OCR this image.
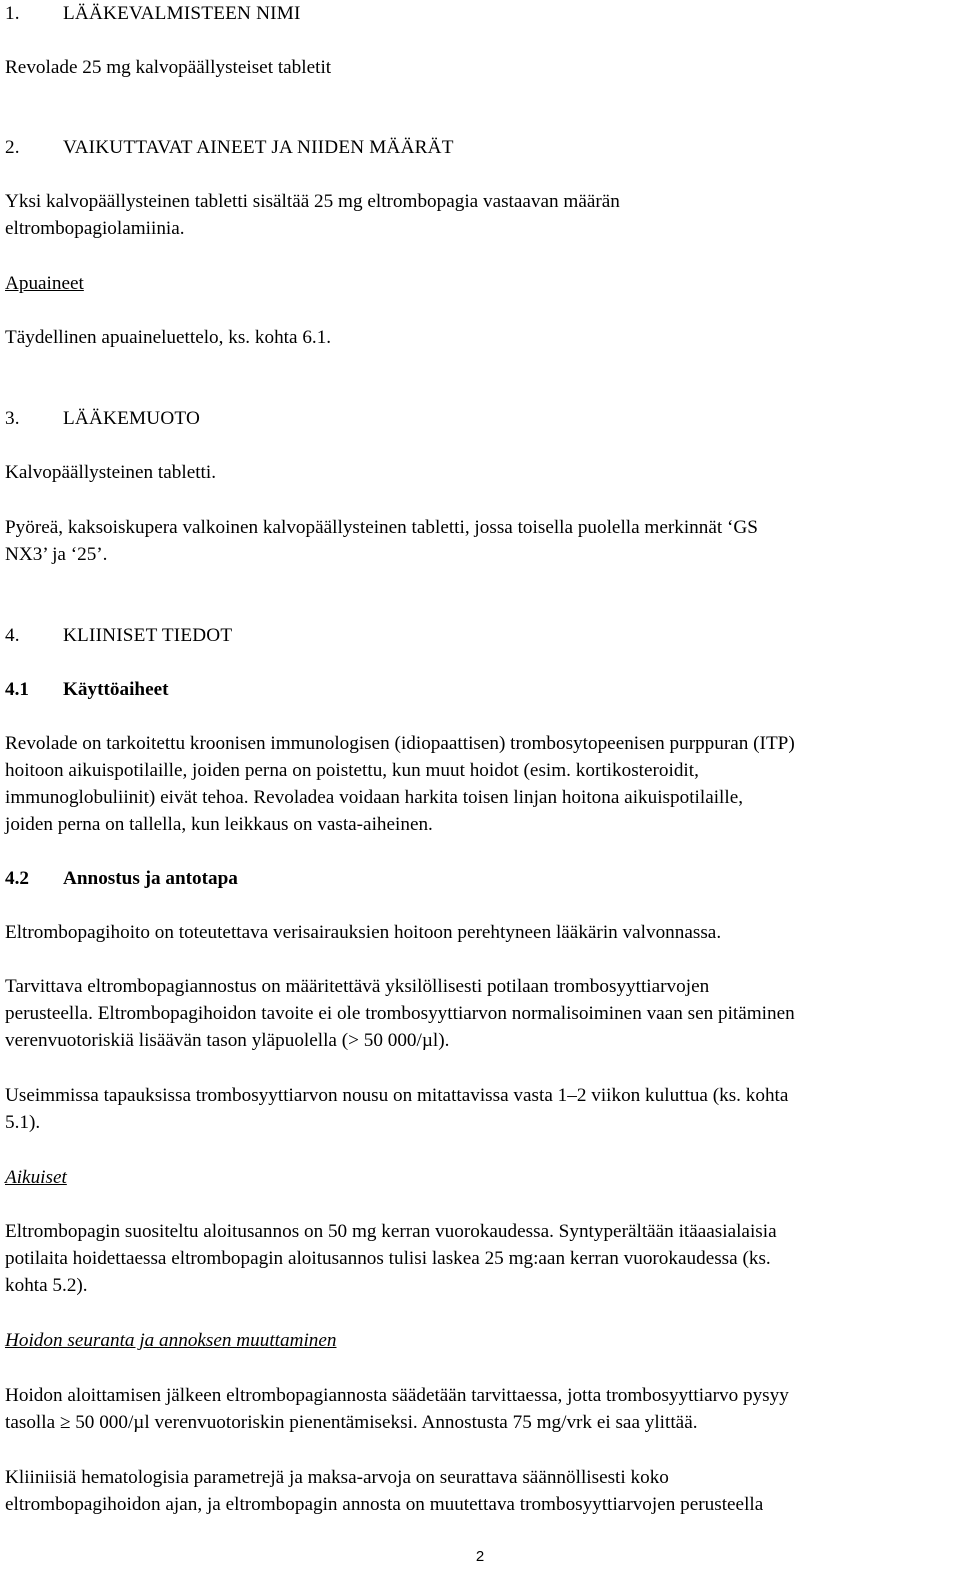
1. LÄÄKEVALMISTEEN NIMI
Revolade 25 mg kalvopäällysteiset tabletit
2. VAIKUTTAVAT AINEET JA NIIDEN MÄÄRÄT
Yksi kalvopäällysteinen tabletti sisältää 25 mg eltrombopagia vastaavan määrän
eltrombopagiolamiinia.
Apuaineet
Täydellinen apuaineluettelo, ks. kohta 6.1.
3. LÄÄKEMUOTO
Kalvopäällysteinen tabletti.
Pyöreä, kaksoiskupera valkoinen kalvopäällysteinen tabletti, jossa toisella puolella merkinnät ‘GS
NX3’ ja ‘25’.
4. KLIINISET TIEDOT
4.1 Käyttöaiheet
Revolade on tarkoitettu kroonisen immunologisen (idiopaattisen) trombosytopeenisen purppuran (ITP)
hoitoon aikuispotilaille, joiden perna on poistettu, kun muut hoidot (esim. kortikosteroidit,
immunoglobuliinit) eivät tehoa. Revoladea voidaan harkita toisen linjan hoitona aikuispotilaille,
joiden perna on tallella, kun leikkaus on vasta-aiheinen.
4.2 Annostus ja antotapa
Eltrombopagihoito on toteutettava verisairauksien hoitoon perehtyneen lääkärin valvonnassa.
Tarvittava eltrombopagiannostus on määritettävä yksilöllisesti potilaan trombosyyttiarvojen
perusteella. Eltrombopagihoidon tavoite ei ole trombosyyttiarvon normalisoiminen vaan sen pitäminen
verenvuotoriskiä lisäävän tason yläpuolella (> 50 000/µl).
Useimmissa tapauksissa trombosyyttiarvon nousu on mitattavissa vasta 1–2 viikon kuluttua (ks. kohta
5.1).
Aikuiset
Eltrombopagin suositeltu aloitusannos on 50 mg kerran vuorokaudessa. Syntyperältään itäaasialaisia
potilaita hoidettaessa eltrombopagin aloitusannos tulisi laskea 25 mg:aan kerran vuorokaudessa (ks.
kohta 5.2).
Hoidon seuranta ja annoksen muuttaminen
Hoidon aloittamisen jälkeen eltrombopagiannosta säädetään tarvittaessa, jotta trombosyyttiarvo pysyy
tasolla ≥ 50 000/µl verenvuotoriskin pienentämiseksi. Annostusta 75 mg/vrk ei saa ylittää.
Kliiniisiä hematologisia parametrejä ja maksa-arvoja on seurattava säännöllisesti koko
eltrombopagihoidon ajan, ja eltrombopagin annosta on muutettava trombosyyttiarvojen perusteella
2
